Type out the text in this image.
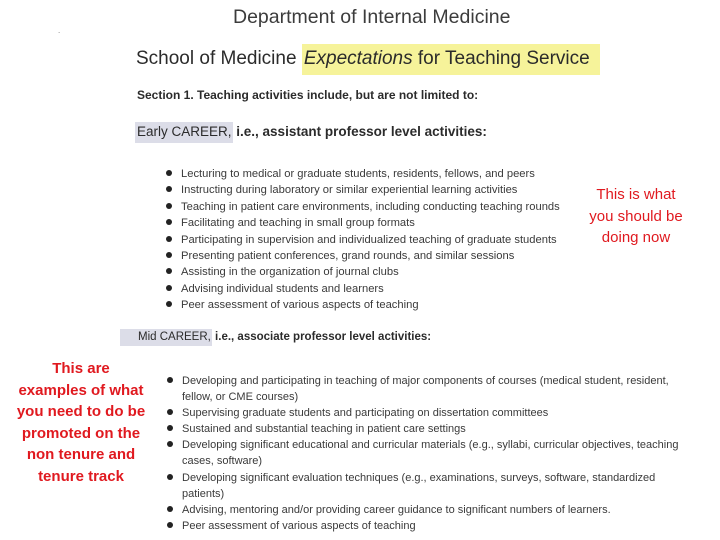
.
Department of Internal Medicine
School of Medicine Expectations for Teaching Service
Section 1. Teaching activities include, but are not limited to:
Early CAREER, i.e., assistant professor level activities:
Lecturing to medical or graduate students, residents, fellows, and peers
Instructing during laboratory or similar experiential learning activities
Teaching in patient care environments, including conducting teaching rounds
Facilitating and teaching in small group formats
Participating in supervision and individualized teaching of graduate students
Presenting patient conferences, grand rounds, and similar sessions
Assisting in the organization of journal clubs
Advising individual students and learners
Peer assessment of various aspects of teaching
Mid CAREER, i.e., associate professor level activities:
Developing and participating in teaching of major components of courses (medical student, resident,
fellow, or CME courses)
Supervising graduate students and participating on dissertation committees
Sustained and substantial teaching in patient care settings
Developing significant educational and curricular materials (e.g., syllabi, curricular objectives, teaching
cases, software)
Developing significant evaluation techniques (e.g., examinations, surveys, software, standardized
patients)
Advising, mentoring and/or providing career guidance to significant numbers of learners.
Peer assessment of various aspects of teaching
This is what you should be doing now
This are examples of what you need to do be promoted on the non tenure and tenure track
